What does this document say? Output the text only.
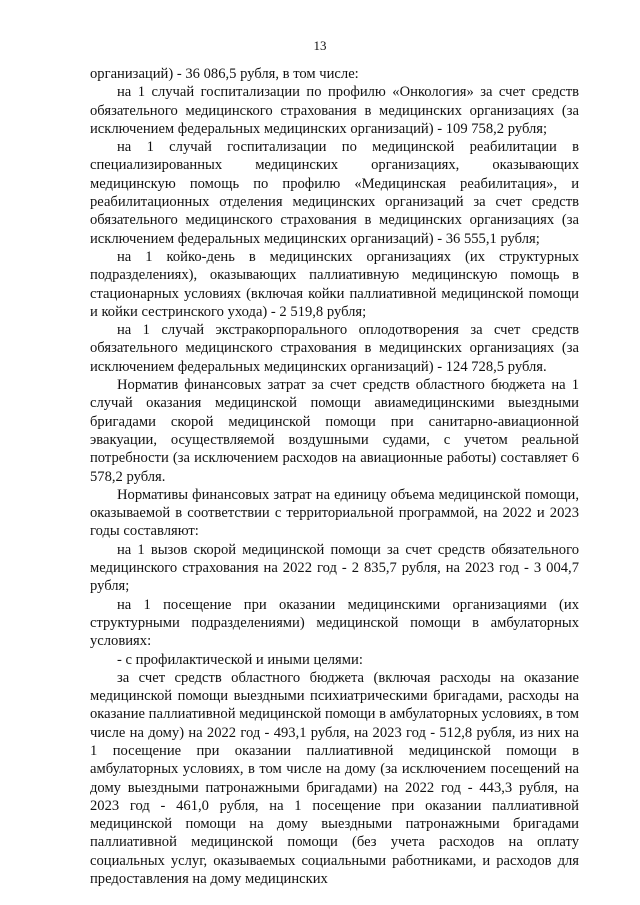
13

организаций) - 36 086,5 рубля, в том числе:

на 1 случай госпитализации по профилю «Онкология» за счет средств обязательного медицинского страхования в медицинских организациях (за исключением федеральных медицинских организаций) - 109 758,2 рубля;

на 1 случай госпитализации по медицинской реабилитации в специализированных медицинских организациях, оказывающих медицинскую помощь по профилю «Медицинская реабилитация», и реабилитационных отделения медицинских организаций за счет средств обязательного медицинского страхования в медицинских организациях (за исключением федеральных медицинских организаций) - 36 555,1 рубля;

на 1 койко-день в медицинских организациях (их структурных подразделениях), оказывающих паллиативную медицинскую помощь в стационарных условиях (включая койки паллиативной медицинской помощи и койки сестринского ухода) - 2 519,8 рубля;

на 1 случай экстракорпорального оплодотворения за счет средств обязательного медицинского страхования в медицинских организациях (за исключением федеральных медицинских организаций) - 124 728,5 рубля.

Норматив финансовых затрат за счет средств областного бюджета на 1 случай оказания медицинской помощи авиамедицинскими выездными бригадами скорой медицинской помощи при санитарно-авиационной эвакуации, осуществляемой воздушными судами, с учетом реальной потребности (за исключением расходов на авиационные работы) составляет 6 578,2 рубля.

Нормативы финансовых затрат на единицу объема медицинской помощи, оказываемой в соответствии с территориальной программой, на 2022 и 2023 годы составляют:

на 1 вызов скорой медицинской помощи за счет средств обязательного медицинского страхования на 2022 год - 2 835,7 рубля, на 2023 год - 3 004,7 рубля;

на 1 посещение при оказании медицинскими организациями (их структурными подразделениями) медицинской помощи в амбулаторных условиях:

- с профилактической и иными целями:

за счет средств областного бюджета (включая расходы на оказание медицинской помощи выездными психиатрическими бригадами, расходы на оказание паллиативной медицинской помощи в амбулаторных условиях, в том числе на дому) на 2022 год - 493,1 рубля, на 2023 год - 512,8 рубля, из них на 1 посещение при оказании паллиативной медицинской помощи в амбулаторных условиях, в том числе на дому (за исключением посещений на дому выездными патронажными бригадами) на 2022 год - 443,3 рубля, на 2023 год - 461,0 рубля, на 1 посещение при оказании паллиативной медицинской помощи на дому выездными патронажными бригадами паллиативной медицинской помощи (без учета расходов на оплату социальных услуг, оказываемых социальными работниками, и расходов для предоставления на дому медицинских
